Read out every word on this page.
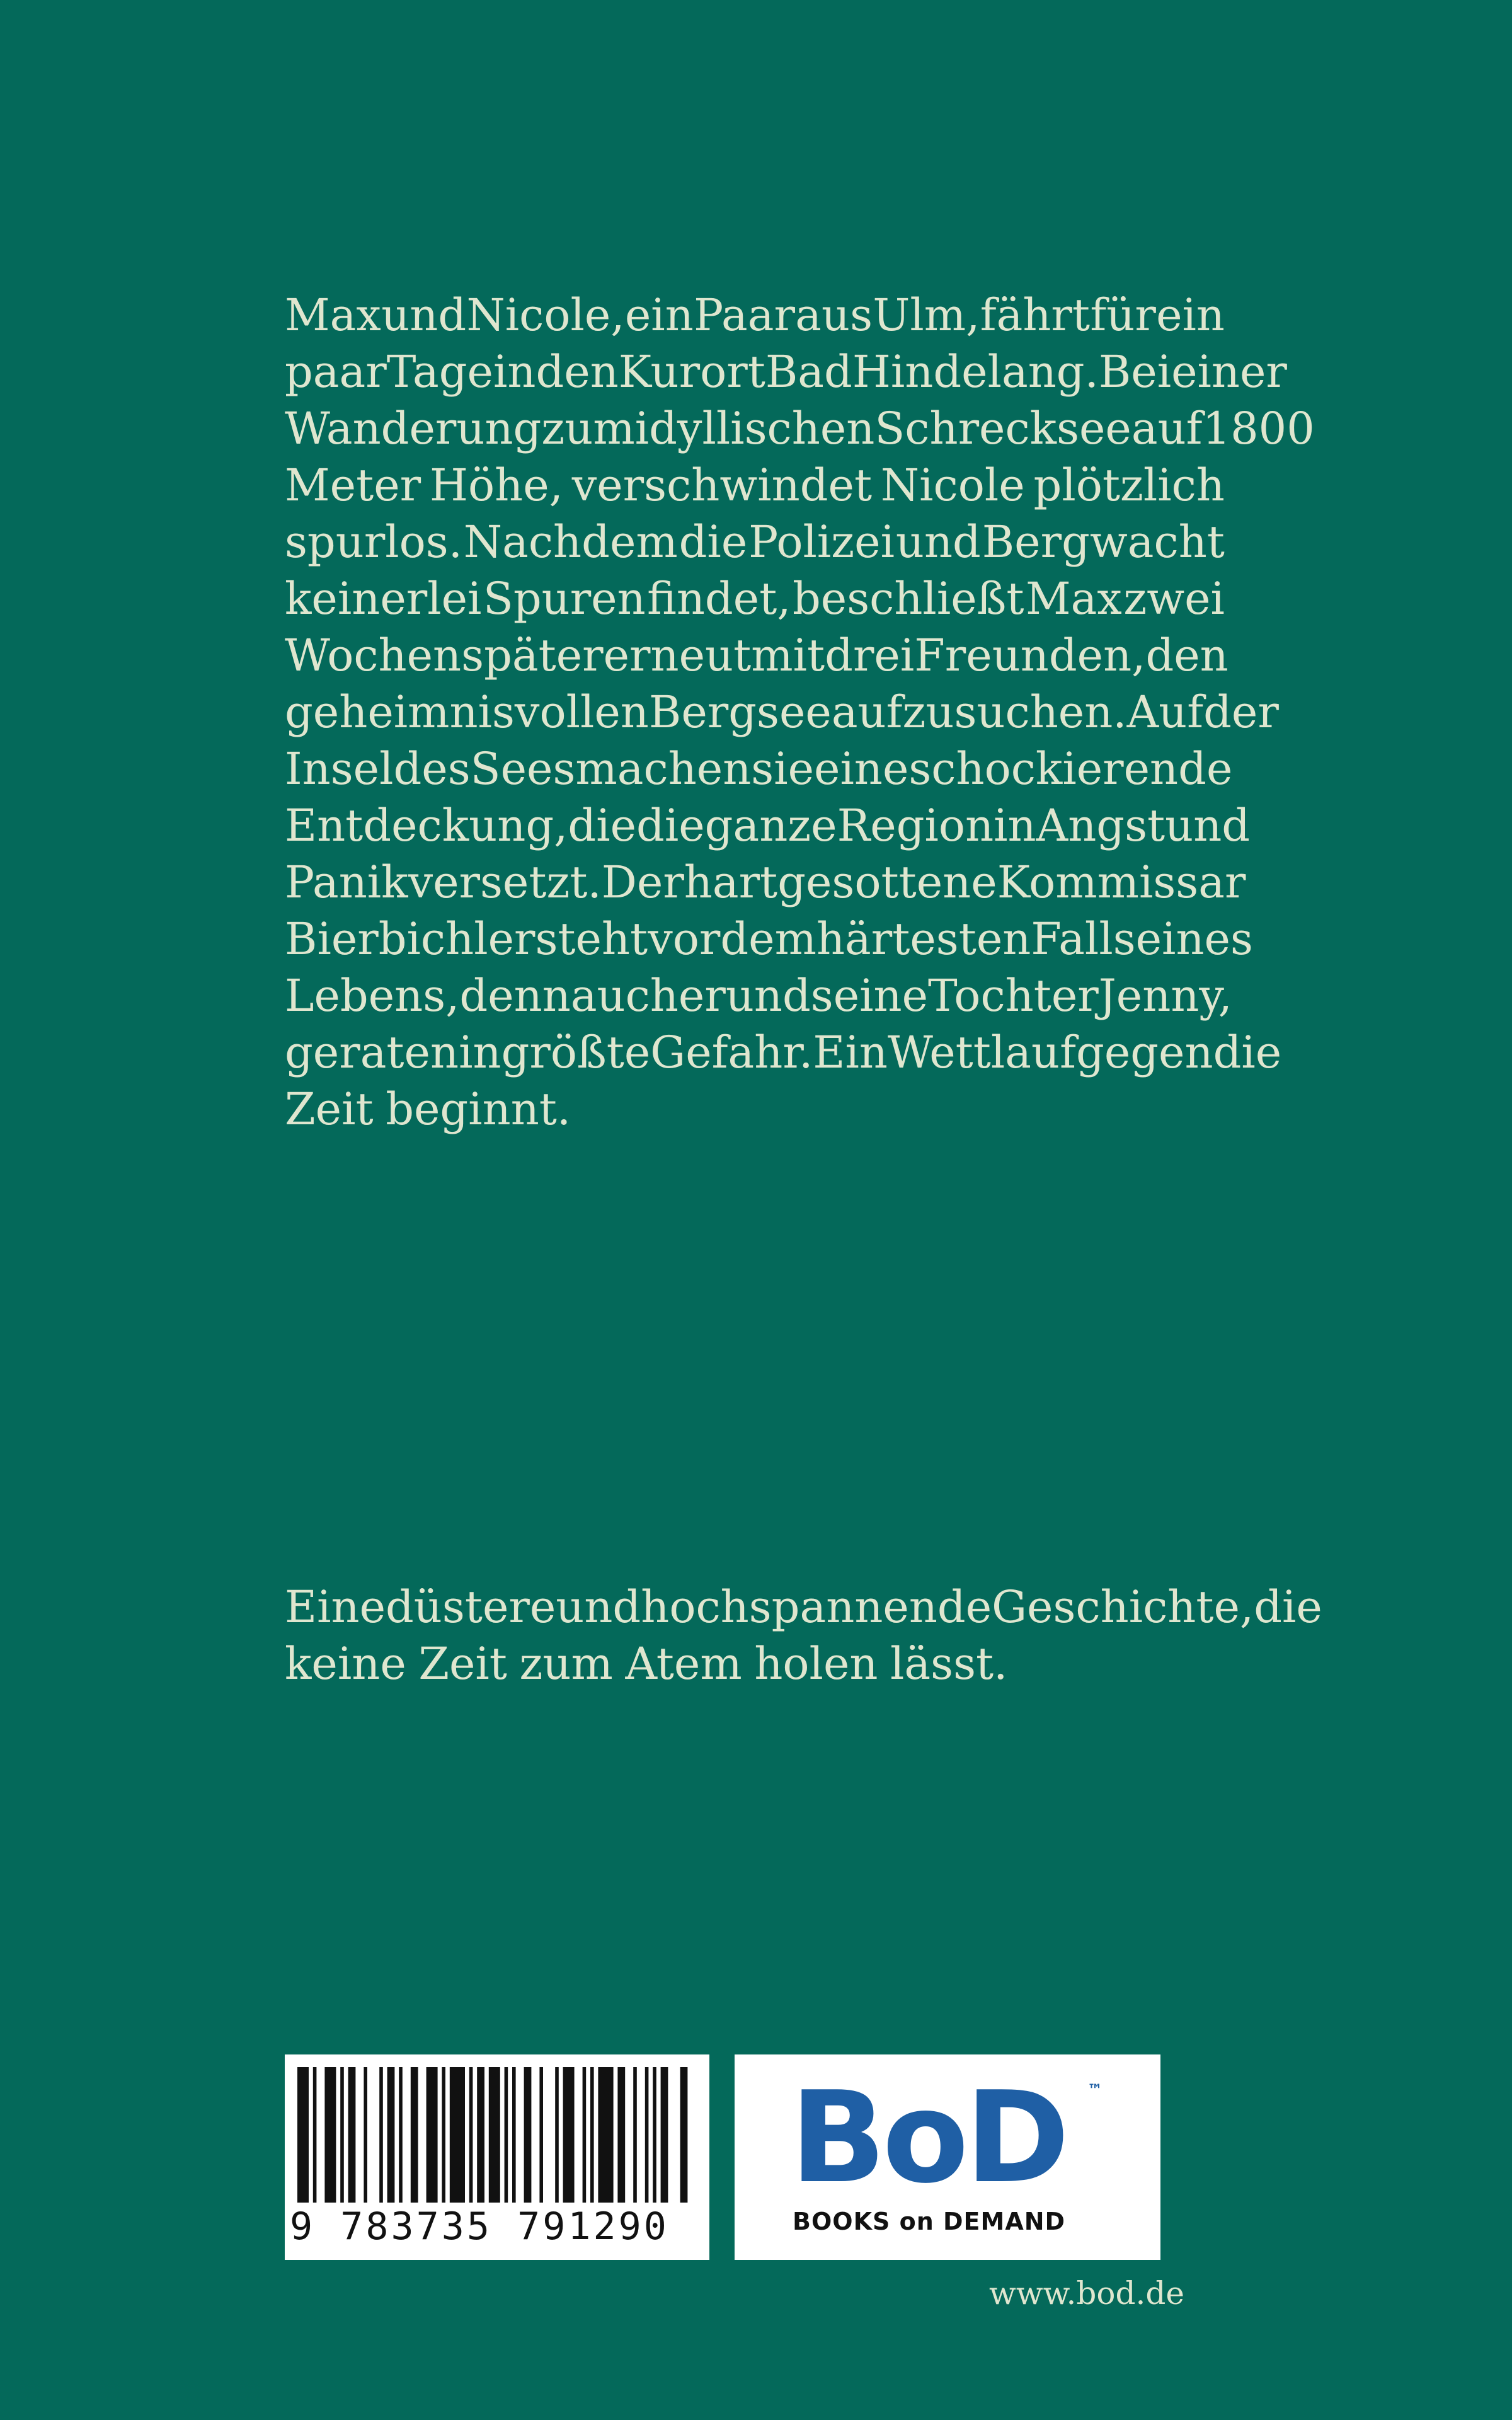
Max und Nicole, ein Paar aus Ulm, fährt für ein
paar Tage in den Kurort Bad Hindelang. Bei einer
Wanderung zum idyllischen Schrecksee auf 1800
Meter Höhe, verschwindet Nicole plötzlich
spurlos. Nachdem die Polizei und Bergwacht
keinerlei Spuren findet, beschließt Max zwei
Wochen später erneut mit drei Freunden, den
geheimnisvollen Bergsee aufzusuchen. Auf der
Insel des Sees machen sie eine schockierende
Entdeckung, die die ganze Region in Angst und
Panik versetzt. Der hartgesottene Kommissar
Bierbichler steht vor dem härtesten Fall seines
Lebens, denn auch er und seine Tochter Jenny,
geraten in größte Gefahr. Ein Wettlauf gegen die
Zeit beginnt.
Eine düstere und hochspannende Geschichte, die
keine Zeit zum Atem holen lässt.
9 783735 791290
BoD ™
BOOKS on DEMAND
www.bod.de
